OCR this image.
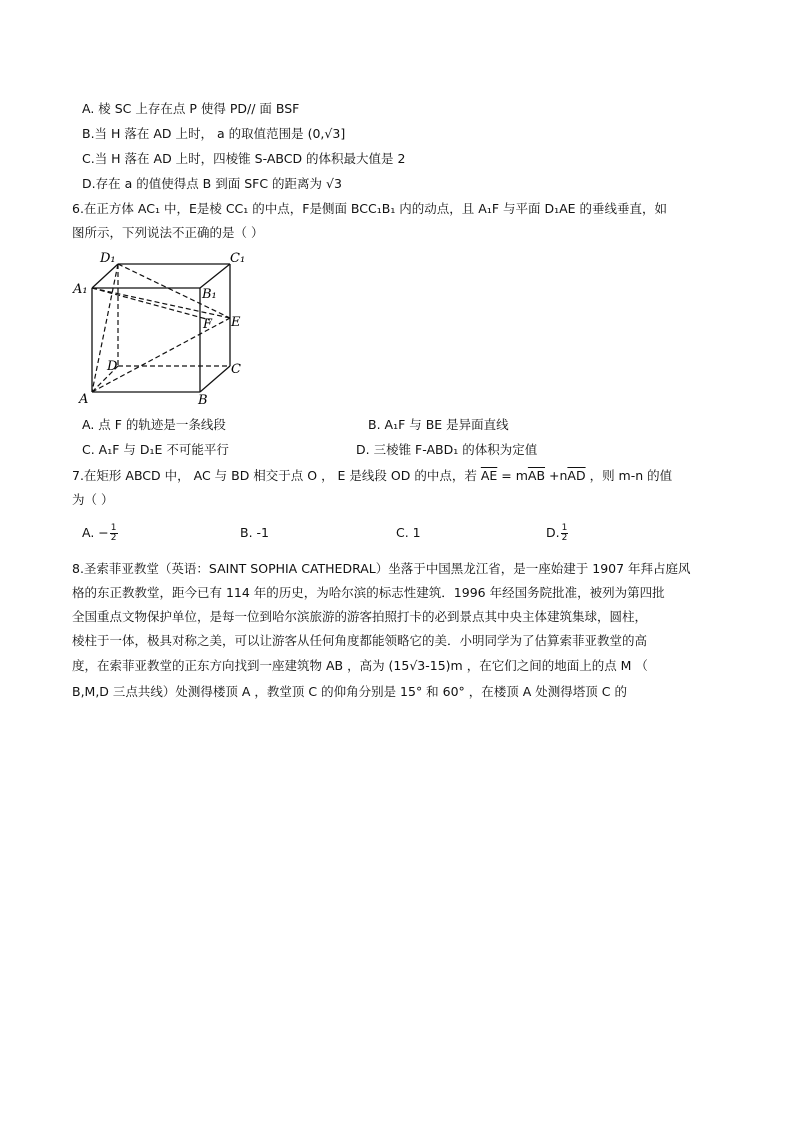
A. 棱 SC 上存在点 P 使得 PD// 面 BSF
B.当 H 落在 AD 上时， a 的取值范围是 (0,√3]
C.当 H 落在 AD 上时，四棱锥 S-ABCD 的体积最大值是 2
D.存在 a 的值使得点 B 到面 SFC 的距离为 √3
6.在正方体 AC₁ 中，E是棱 CC₁ 的中点，F是侧面 BCC₁B₁ 内的动点，且 A₁F 与平面 D₁AE 的垂线垂直，如
图所示，下列说法不正确的是（ ）
D₁	C₁
A₁	B₁
F E
D	C
A	B
A. 点 F 的轨迹是一条线段	B. A₁F 与 BE 是异面直线
C. A₁F 与 D₁E 不可能平行	D. 三棱锥 F-ABD₁ 的体积为定值
7.在矩形 ABCD 中， AC 与 BD 相交于点 O ， E 是线段 OD 的中点，若 $\overline{AE} = m\overline{AB} +n\overline{AD}$ ，则 m-n 的值
为（ ）
A. − $\frac{1}{2}$	B. -1	C. 1	D. $\frac{1}{2}$
8.圣索菲亚教堂（英语：SAINT SOPHIA CATHEDRAL）坐落于中国黑龙江省，是一座始建于 1907 年拜占庭风
格的东正教教堂，距今已有 114 年的历史，为哈尔滨的标志性建筑．1996 年经国务院批准，被列为第四批
全国重点文物保护单位，是每一位到哈尔滨旅游的游客拍照打卡的必到景点其中央主体建筑集球，圆柱，
棱柱于一体，极具对称之美，可以让游客从任何角度都能领略它的美．小明同学为了估算索菲亚教堂的高
度，在索菲亚教堂的正东方向找到一座建筑物 AB ，高为 (15√3-15)m ，在它们之间的地面上的点 M （
B,M,D 三点共线）处测得楼顶 A ，教堂顶 C 的仰角分别是 15° 和 60° ，在楼顶 A 处测得塔顶 C 的
